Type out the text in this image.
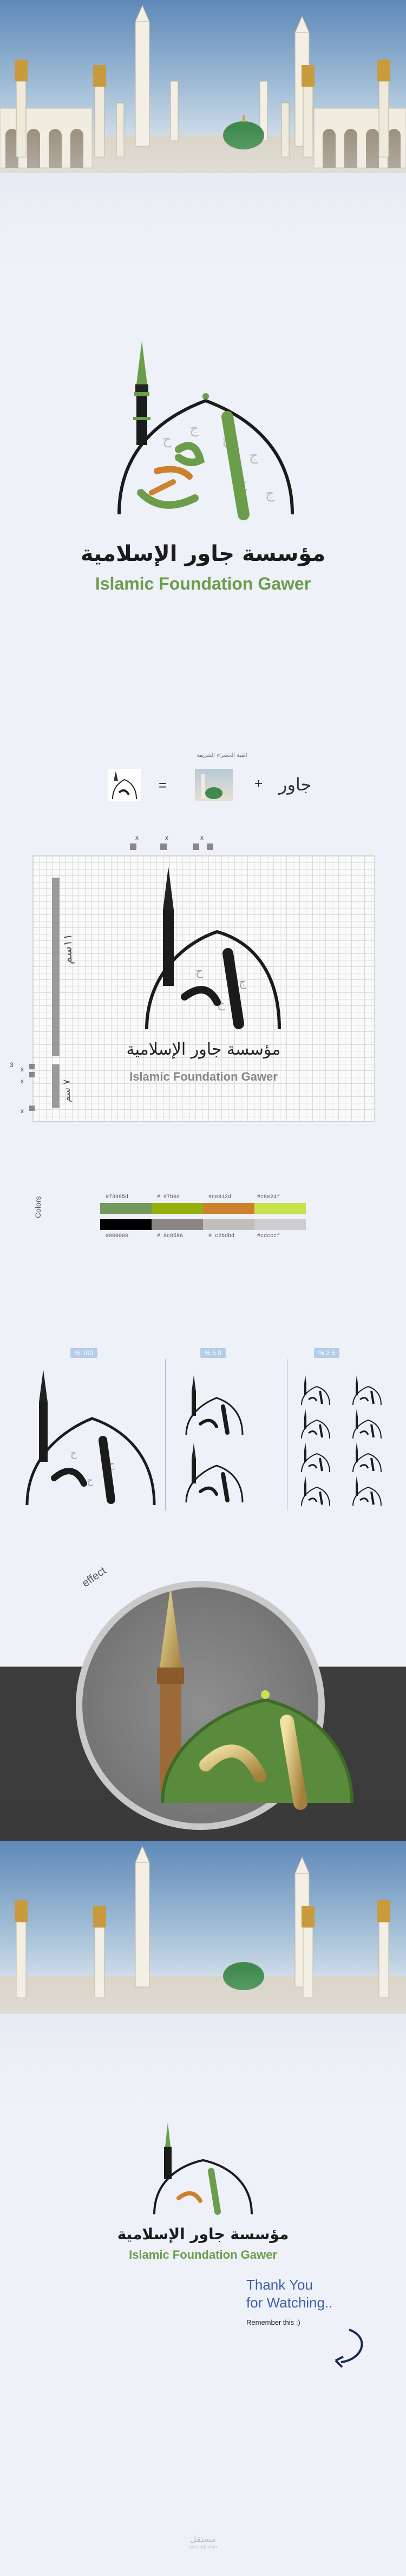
ح
ج
ح
ج
ح
ج
مؤسسة جاور الإسلامية
Islamic Foundation Gawer
القبة الخضراء الشريفة
=	+ جاور
x	x	x
١١سم
٧ سم
ح
ج
ح
مؤسسة جاور الإسلامية
Islamic Foundation Gawer
3
x
x
x
Colors	#73995d	# 97b0d	#ce812d	#c8e24f
#000000	# 8c8586	# c2bdbd	#cdcccf
% 100	% 5 0	% 2 5
ح
ج
ح
effect
مؤسسة جاور الإسلامية
Islamic Foundation Gawer
Thank You
for Watching..
Remember this :)
مستقل
mostaql.com
